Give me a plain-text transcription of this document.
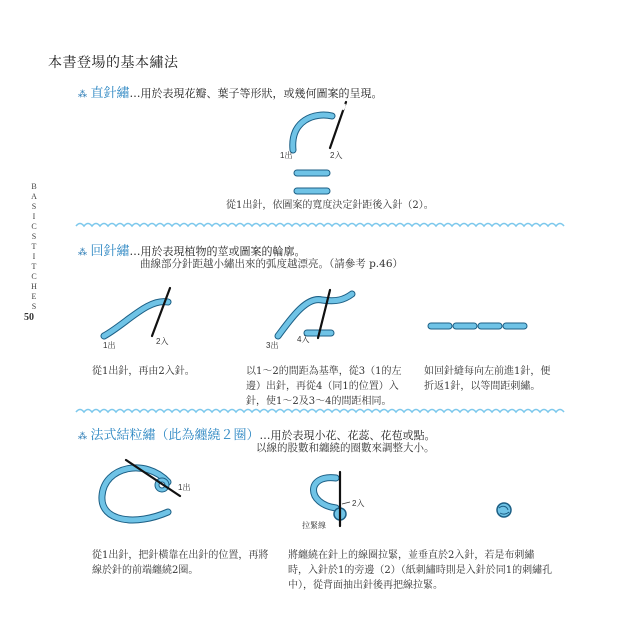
本書登場的基本繡法
B
A
S
I
C
S
T
I
T
C
H
E
S
50
⁂ 直針繡…用於表現花瓣、葉子等形狀，或幾何圖案的呈現。
1出	2入
從1出針，依圖案的寬度決定針距後入針（2）。
⁂ 回針繡…用於表現植物的莖或圖案的輪廓。
曲線部分針距越小繡出來的弧度越漂亮。（請參考 p.46）
1出	2入	3出
4入
從1出針，再由2入針。	以1～2的間距為基準，從3（1的左邊）出針，再從4（同1的位置）入針，使1～2及3～4的間距相同。
如回針縫每向左前進1針，便折返1針，以等間距刺繡。
⁂ 法式結粒繡（此為纏繞２圈）…用於表現小花、花蕊、花苞或點。
以線的股數和纏繞的圈數來調整大小。
1出
2入
拉緊線
從1出針，把針橫靠在出針的位置，再將線於針的前端纏繞2圈。
將纏繞在針上的線圈拉緊，並垂直於2入針，若是布刺繡時，入針於1的旁邊（2）（紙刺繡時則是入針於同1的刺繡孔中），從背面抽出針後再把線拉緊。
